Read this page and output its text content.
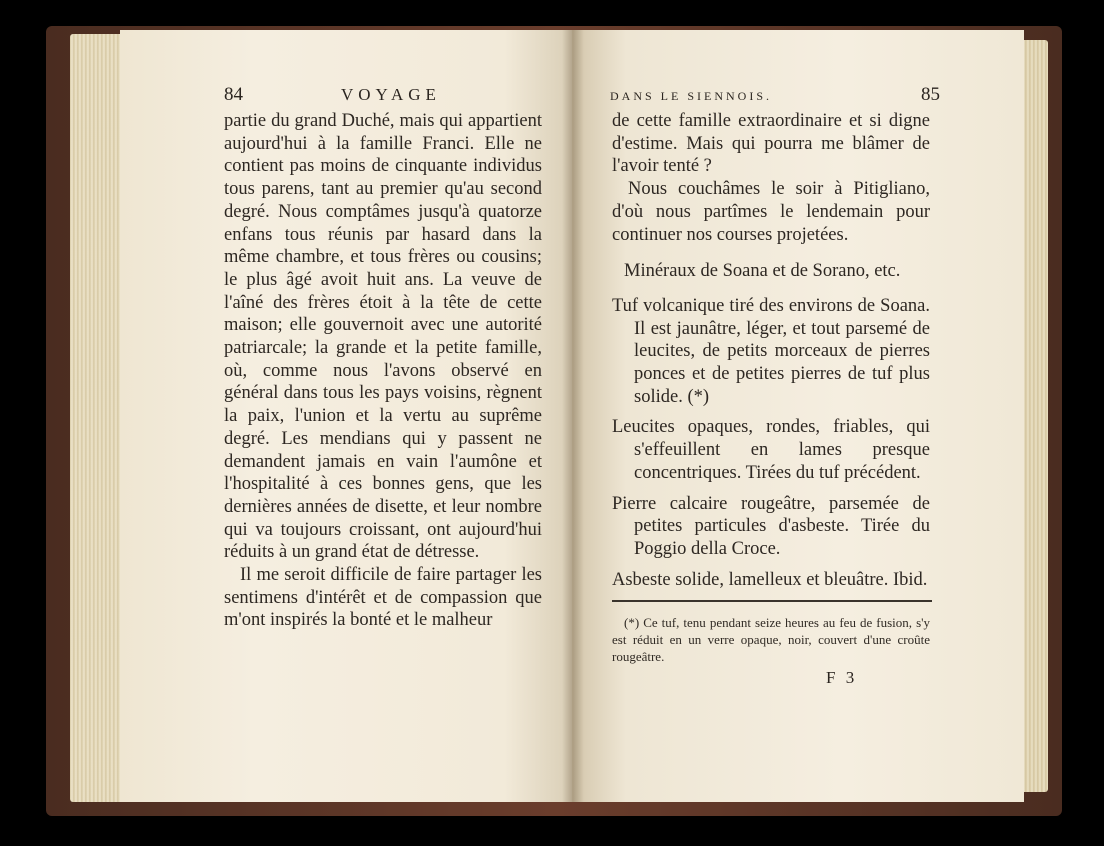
84	VOYAGE	DANS LE SIENNOIS.	85

partie du grand Duché, mais qui appartient aujourd'hui à la famille Franci. Elle ne contient pas moins de cinquante individus tous parens, tant au premier qu'au second degré. Nous comptâmes jusqu'à quatorze enfans tous réunis par hasard dans la même chambre, et tous frères ou cousins; le plus âgé avoit huit ans. La veuve de l'aîné des frères étoit à la tête de cette maison; elle gouvernoit avec une autorité patriarcale; la grande et la petite famille, où, comme nous l'avons observé en général dans tous les pays voisins, règnent la paix, l'union et la vertu au suprême degré. Les mendians qui y passent ne demandent jamais en vain l'aumône et l'hospitalité à ces bonnes gens, que les dernières années de disette, et leur nombre qui va toujours croissant, ont aujourd'hui réduits à un grand état de détresse.

Il me seroit difficile de faire partager les sentimens d'intérêt et de compassion que m'ont inspirés la bonté et le malheur

de cette famille extraordinaire et si digne d'estime. Mais qui pourra me blâmer de l'avoir tenté ?

Nous couchâmes le soir à Pitigliano, d'où nous partîmes le lendemain pour continuer nos courses projetées.

Minéraux de Soana et de Sorano, etc.

Tuf volcanique tiré des environs de Soana. Il est jaunâtre, léger, et tout parsemé de leucites, de petits morceaux de pierres ponces et de petites pierres de tuf plus solide. (*)

Leucites opaques, rondes, friables, qui s'effeuillent en lames presque concentriques. Tirées du tuf précédent.

Pierre calcaire rougeâtre, parsemée de petites particules d'asbeste. Tirée du Poggio della Croce.

Asbeste solide, lamelleux et bleuâtre. Ibid.

(*) Ce tuf, tenu pendant seize heures au feu de fusion, s'y est réduit en un verre opaque, noir, couvert d'une croûte rougeâtre.

F 3
